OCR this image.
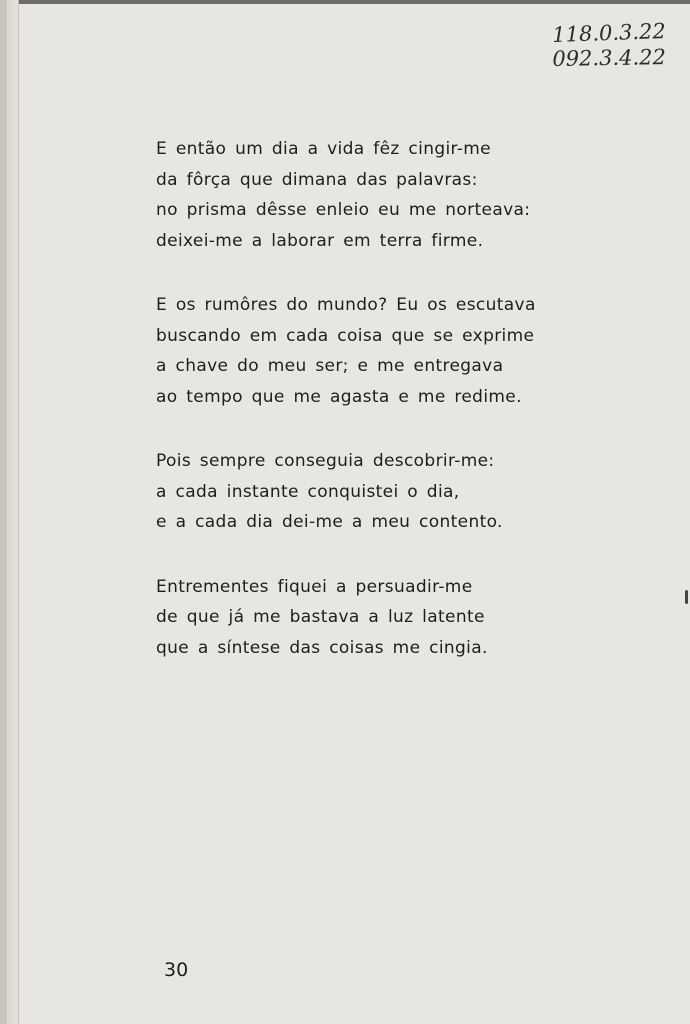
118.0.3.22
092.3.4.22
E então um dia a vida fêz cingir-me
da fôrça que dimana das palavras:
no prisma dêsse enleio eu me norteava:
deixei-me a laborar em terra firme.
E os rumôres do mundo? Eu os escutava
buscando em cada coisa que se exprime
a chave do meu ser; e me entregava
ao tempo que me agasta e me redime.
Pois sempre conseguia descobrir-me:
a cada instante conquistei o dia,
e a cada dia dei-me a meu contento.
Entrementes fiquei a persuadir-me
de que já me bastava a luz latente
que a síntese das coisas me cingia.
30
